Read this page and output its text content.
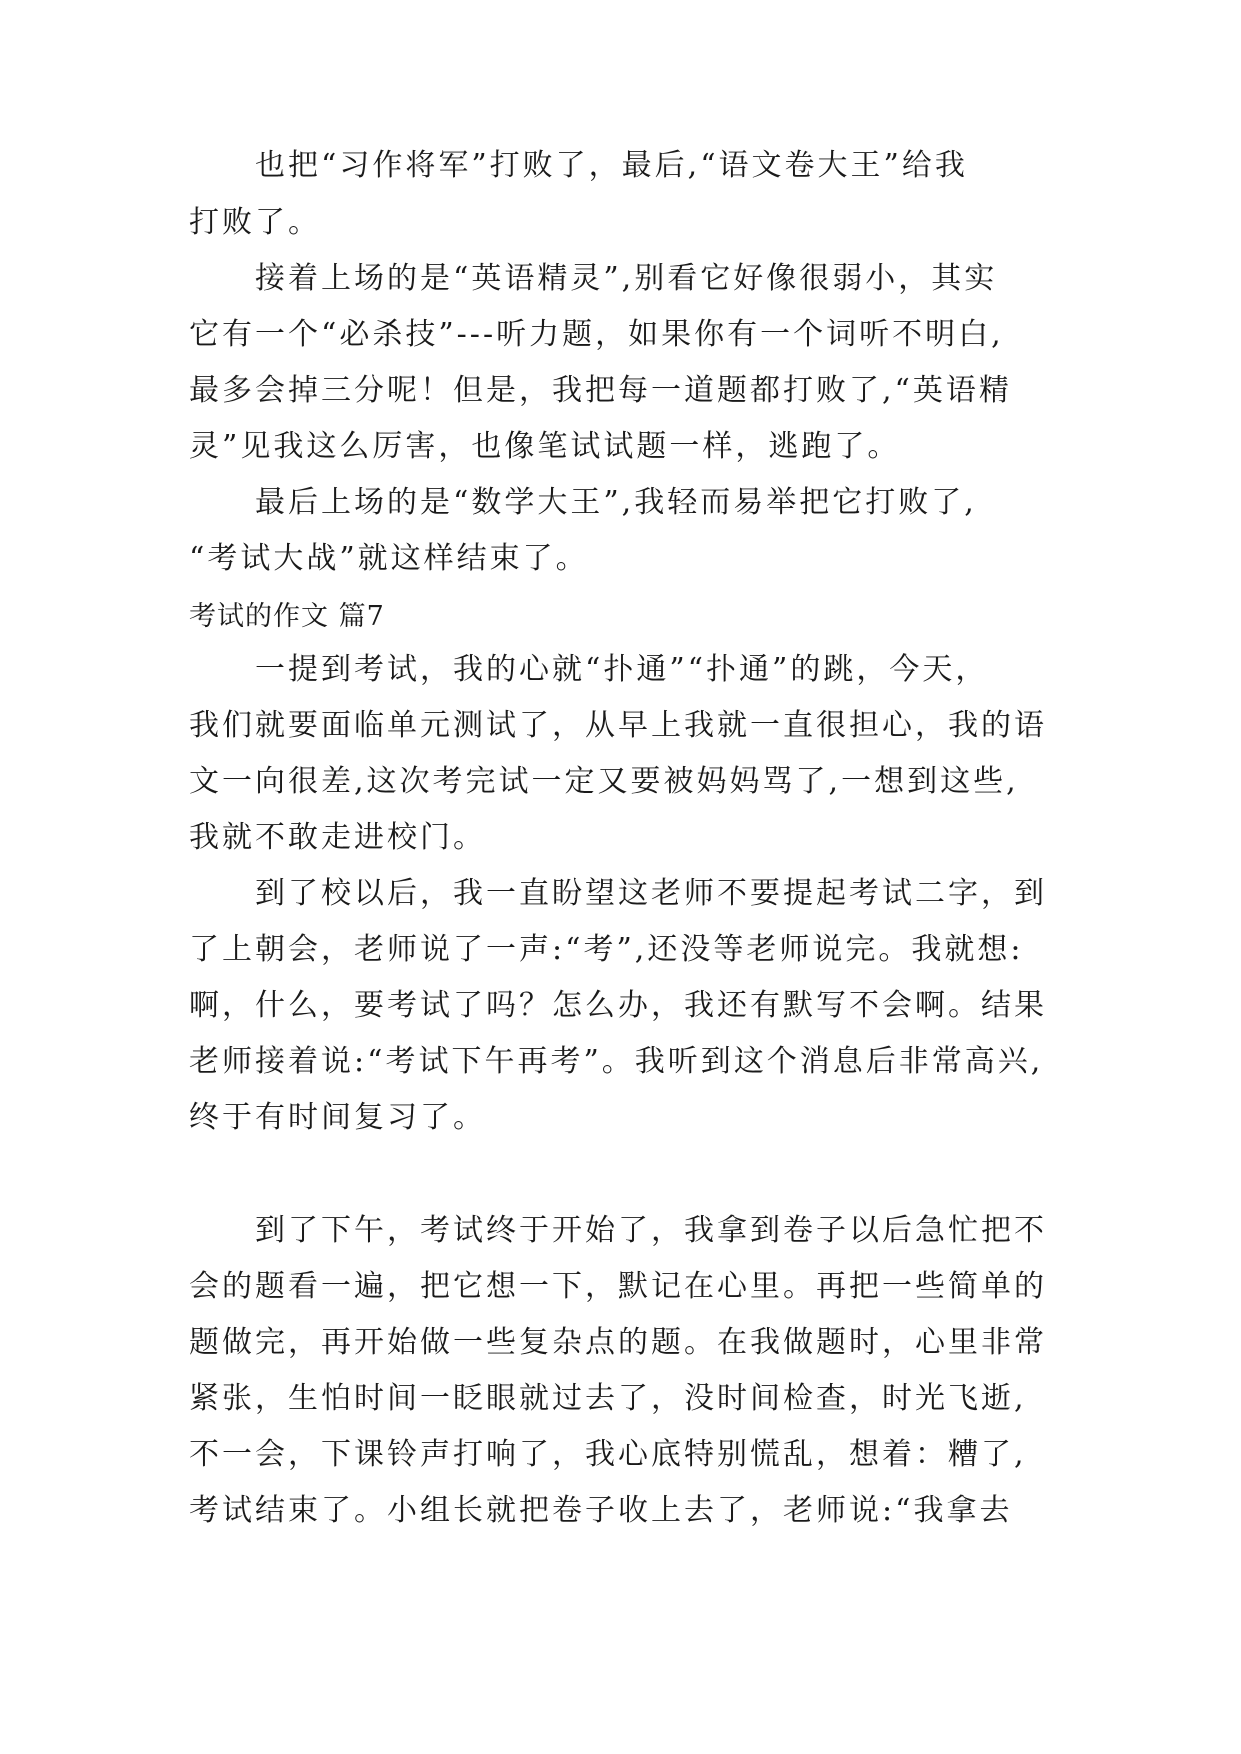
也把“习作将军”打败了，最后,“语文卷大王”给我
打败了。
接着上场的是“英语精灵”,别看它好像很弱小，其实
它有一个“必杀技”---听力题，如果你有一个词听不明白,
最多会掉三分呢！但是，我把每一道题都打败了,“英语精
灵”见我这么厉害，也像笔试试题一样，逃跑了。
最后上场的是“数学大王”,我轻而易举把它打败了,
“考试大战”就这样结束了。
考试的作文 篇7
一提到考试，我的心就“扑通”“扑通”的跳，今天，
我们就要面临单元测试了，从早上我就一直很担心，我的语
文一向很差,这次考完试一定又要被妈妈骂了,一想到这些,
我就不敢走进校门。
到了校以后，我一直盼望这老师不要提起考试二字，到
了上朝会，老师说了一声:“考”,还没等老师说完。我就想:
啊，什么，要考试了吗？怎么办，我还有默写不会啊。结果
老师接着说:“考试下午再考”。我听到这个消息后非常高兴,
终于有时间复习了。
到了下午，考试终于开始了，我拿到卷子以后急忙把不
会的题看一遍，把它想一下，默记在心里。再把一些简单的
题做完，再开始做一些复杂点的题。在我做题时，心里非常
紧张，生怕时间一眨眼就过去了，没时间检查，时光飞逝,
不一会，下课铃声打响了，我心底特别慌乱，想着：糟了,
考试结束了。小组长就把卷子收上去了，老师说:“我拿去
